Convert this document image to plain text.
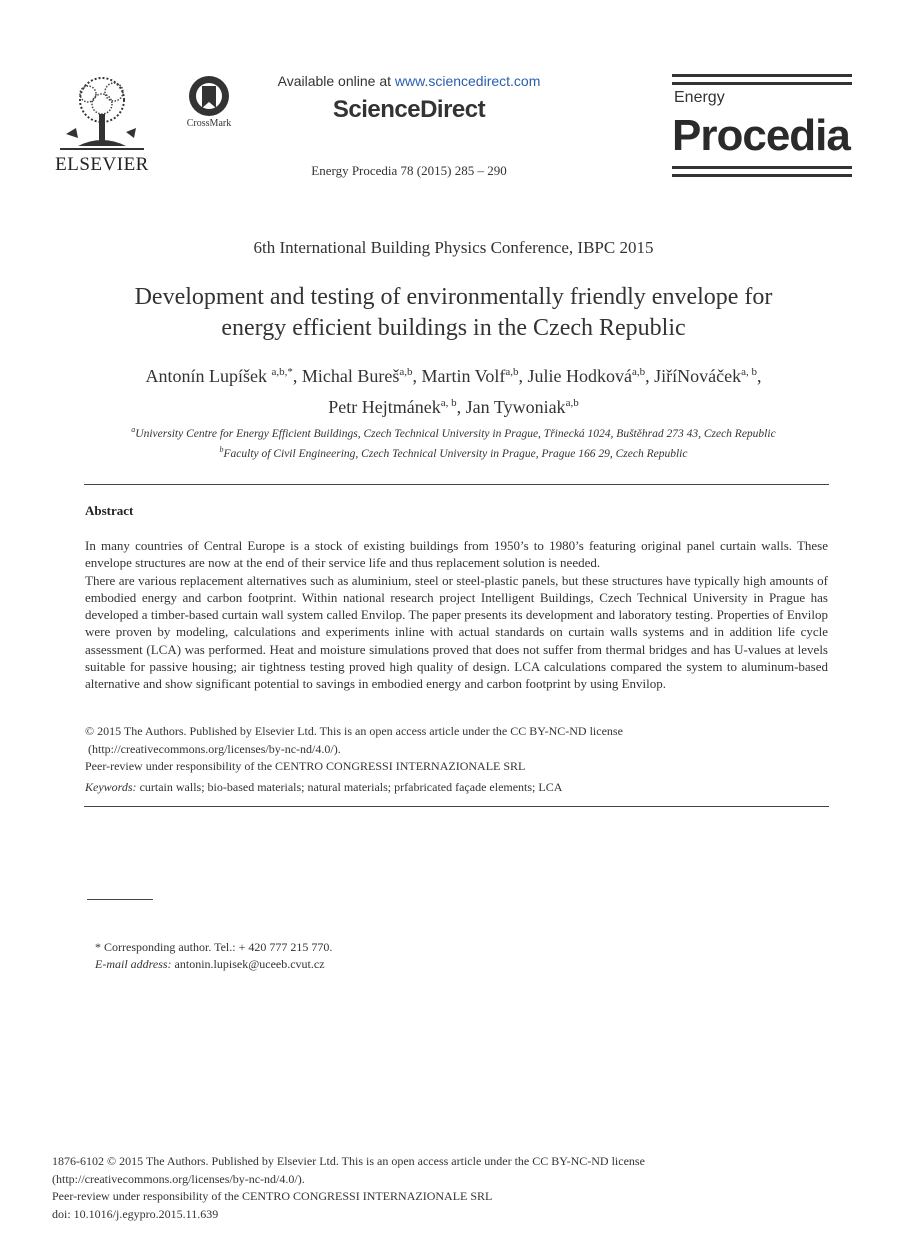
ELSEVIER
CrossMark
Available online at www.sciencedirect.com
ScienceDirect
Energy Procedia 78 (2015) 285 – 290
Energy
Procedia
6th International Building Physics Conference, IBPC 2015
Development and testing of environmentally friendly envelope for
energy efficient buildings in the Czech Republic
Antonín Lupíšek $^{a,b,*}$, Michal Bureš$^{a,b}$, Martin Volf$^{a,b}$, Julie Hodková$^{a,b}$, JiříNováček$^{a, b}$,
Petr Hejtmánek$^{a, b}$, Jan Tywoniak$^{a,b}$
$^a$University Centre for Energy Efficient Buildings, Czech Technical University in Prague, Třinecká 1024, Buštěhrad 273 43, Czech Republic
$^b$Faculty of Civil Engineering, Czech Technical University in Prague, Prague 166 29, Czech Republic
Abstract

In many countries of Central Europe is a stock of existing buildings from 1950’s to 1980’s featuring original panel curtain walls. These envelope structures are now at the end of their service life and thus replacement solution is needed.

There are various replacement alternatives such as aluminium, steel or steel-plastic panels, but these structures have typically high amounts of embodied energy and carbon footprint. Within national research project Intelligent Buildings, Czech Technical University in Prague has developed a timber-based curtain wall system called Envilop. The paper presents its development and laboratory testing. Properties of Envilop were proven by modeling, calculations and experiments inline with actual standards on curtain walls systems and in addition life cycle assessment (LCA) was performed. Heat and moisture simulations proved that does not suffer from thermal bridges and has U-values at levels suitable for passive housing; air tightness testing proved high quality of design. LCA calculations compared the system to aluminum-based alternative and show significant potential to savings in embodied energy and carbon footprint by using Envilop.

© 2015 The Authors. Published by Elsevier Ltd. This is an open access article under the CC BY-NC-ND license
(http://creativecommons.org/licenses/by-nc-nd/4.0/).
Peer-review under responsibility of the CENTRO CONGRESSI INTERNAZIONALE SRL
Keywords: curtain walls; bio-based materials; natural materials; prfabricated façade elements; LCA
* Corresponding author. Tel.: + 420 777 215 770.
E-mail address: antonin.lupisek@uceeb.cvut.cz
1876-6102 © 2015 The Authors. Published by Elsevier Ltd. This is an open access article under the CC BY-NC-ND license
(http://creativecommons.org/licenses/by-nc-nd/4.0/).
Peer-review under responsibility of the CENTRO CONGRESSI INTERNAZIONALE SRL
doi: 10.1016/j.egypro.2015.11.639
